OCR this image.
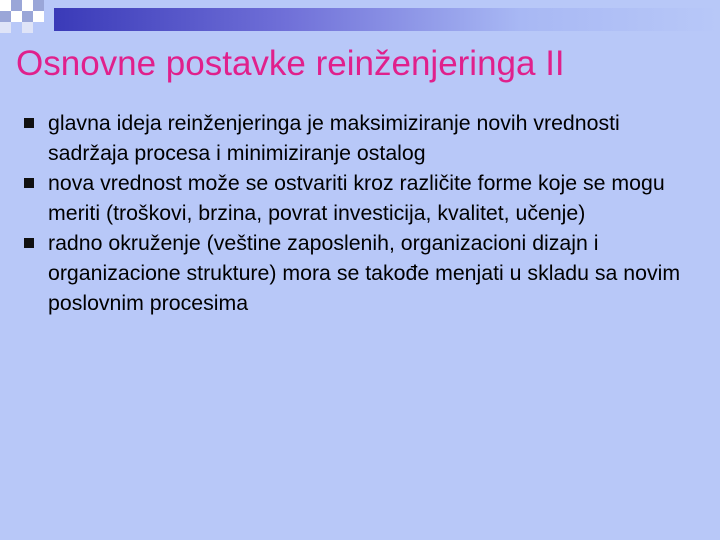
Osnovne postavke reinženjeringa II
glavna ideja reinženjeringa je maksimiziranje novih vrednosti sadržaja procesa i minimiziranje ostalog
nova vrednost može se ostvariti kroz različite forme koje se mogu meriti (troškovi, brzina, povrat investicija, kvalitet, učenje)
radno okruženje (veštine zaposlenih, organizacioni dizajn i organizacione strukture) mora se takođe menjati u skladu sa novim poslovnim procesima
